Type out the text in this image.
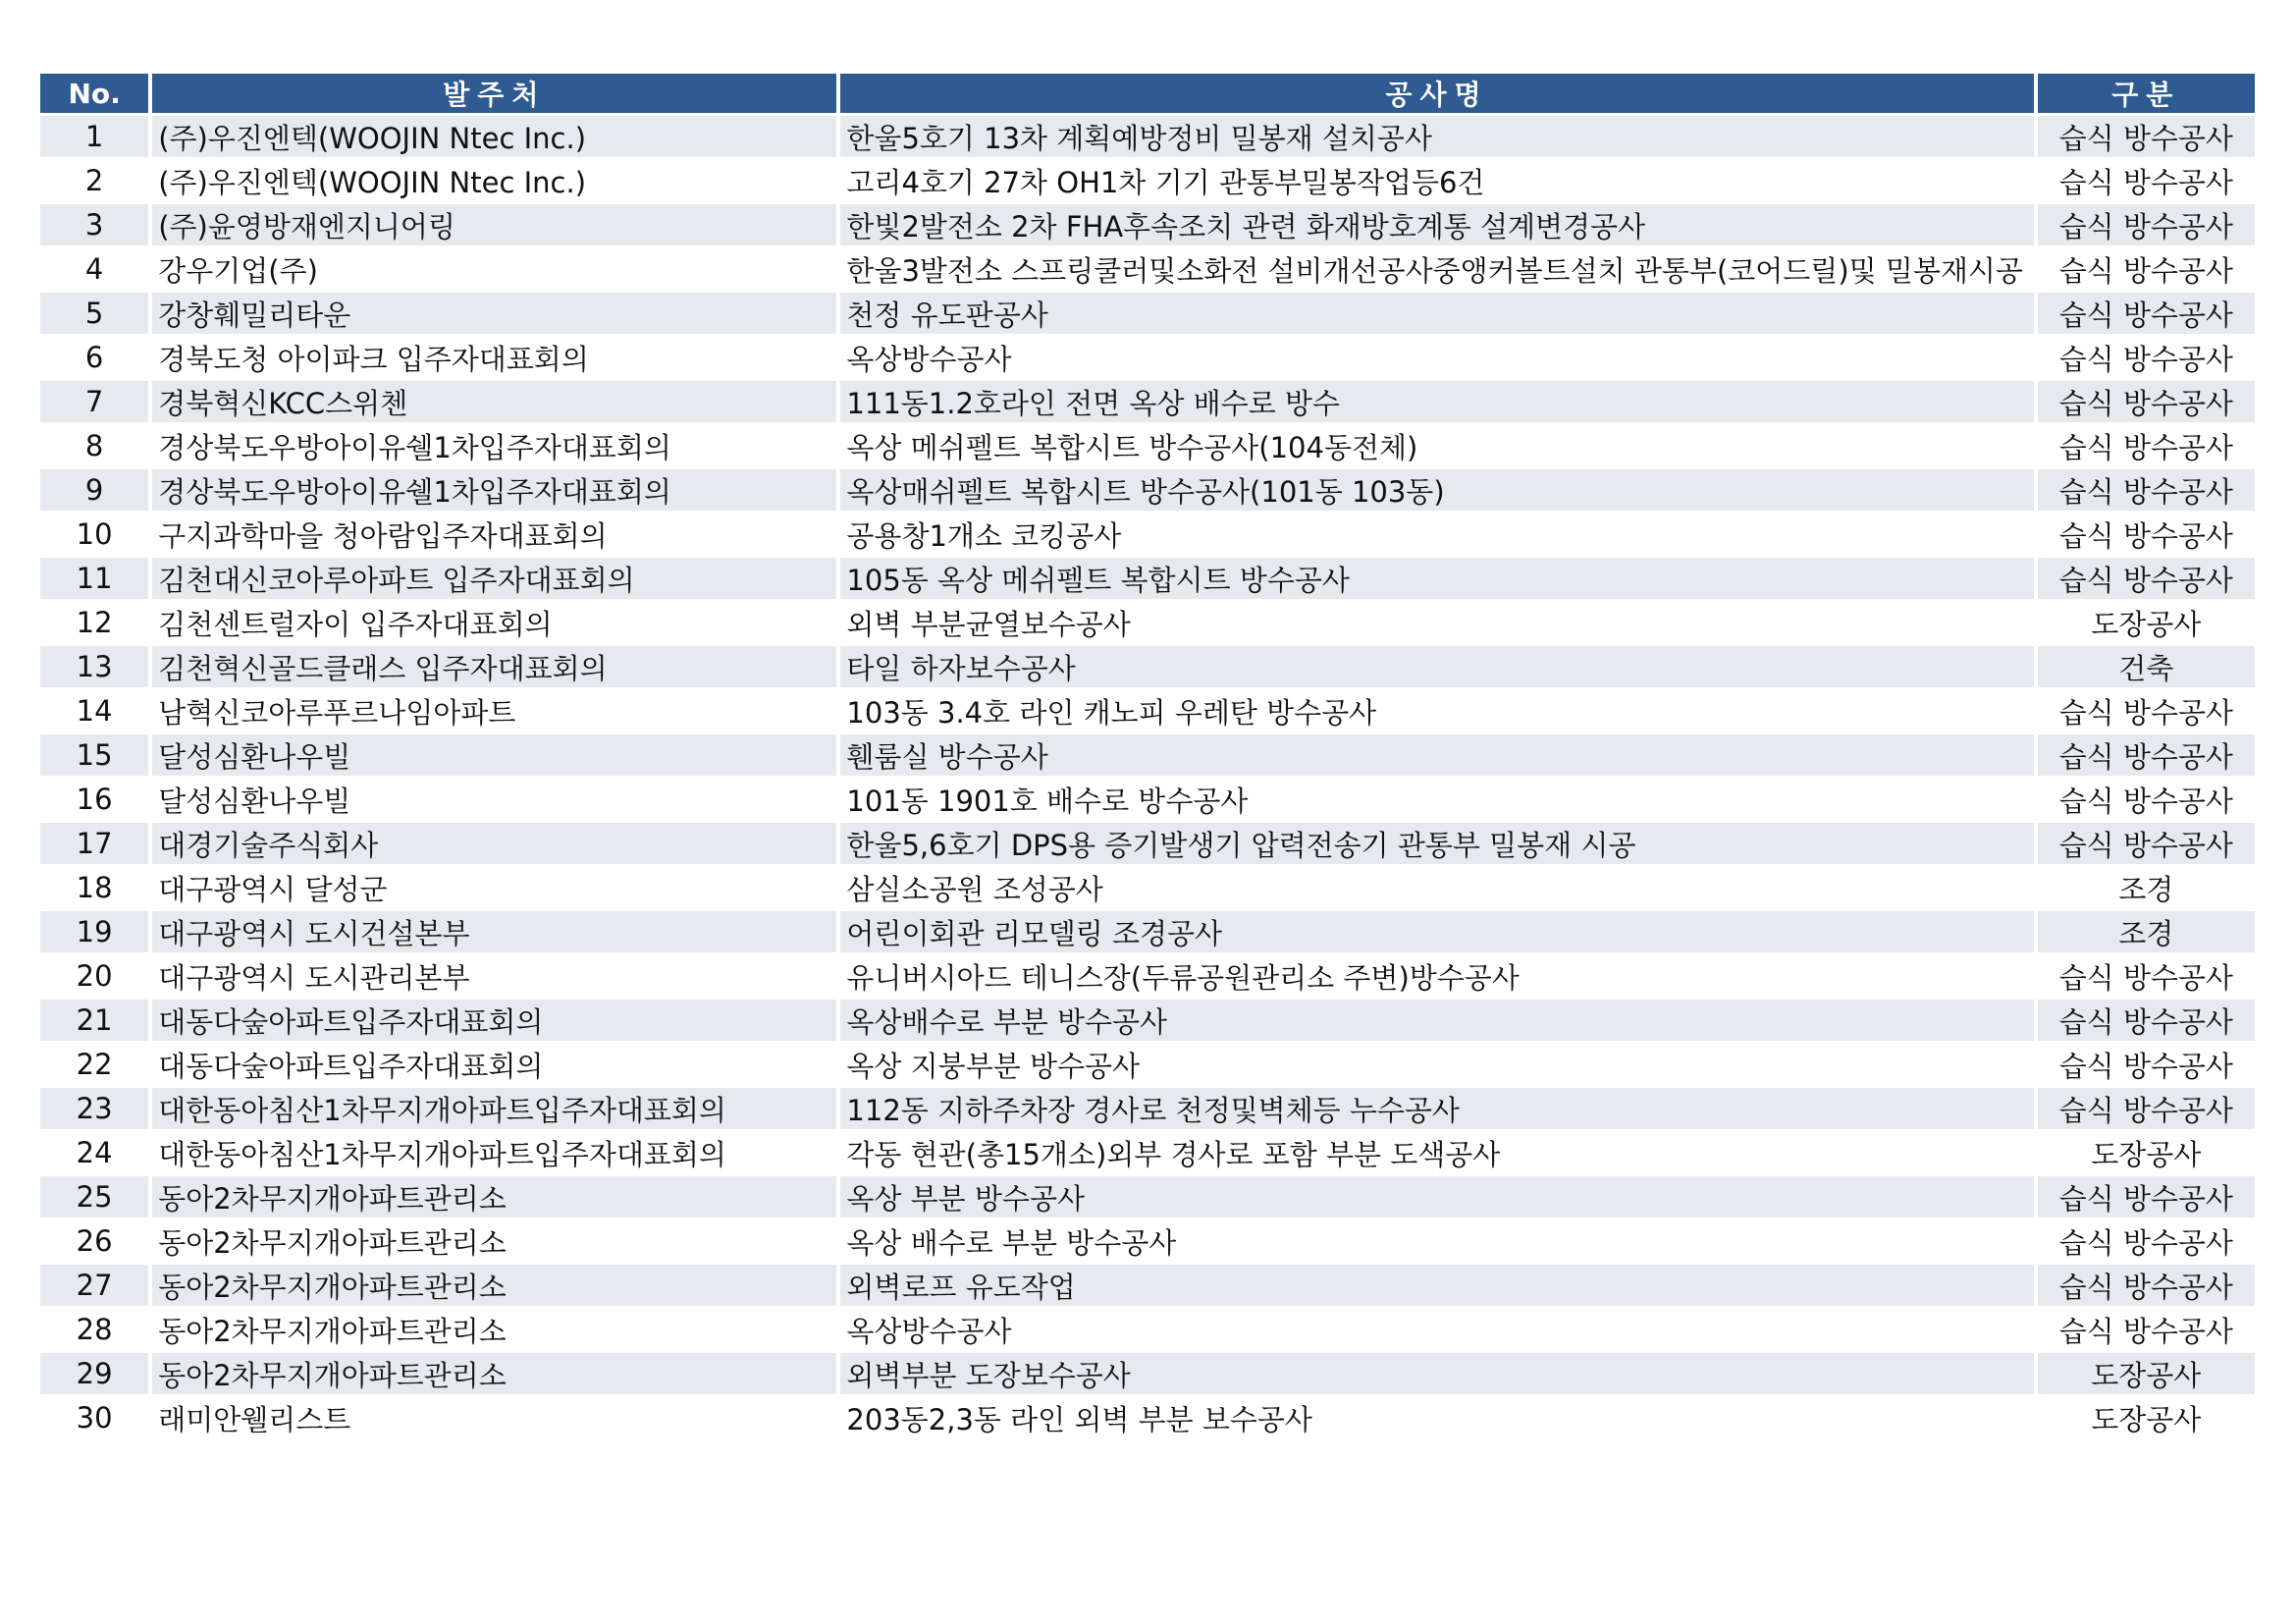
No.	발주처	공사명	구분
1	(주)우진엔텍(WOOJIN Ntec Inc.)	한울5호기 13차 계획예방정비 밀봉재 설치공사	습식 방수공사
2	(주)우진엔텍(WOOJIN Ntec Inc.)	고리4호기 27차 OH1차 기기 관통부밀봉작업등6건	습식 방수공사
3	(주)윤영방재엔지니어링	한빛2발전소 2차 FHA후속조치 관련 화재방호계통 설계변경공사	습식 방수공사
4	강우기업(주)	한울3발전소 스프링쿨러및소화전 설비개선공사중앵커볼트설치 관통부(코어드릴)및 밀봉재시공	습식 방수공사
5	강창훼밀리타운	천정 유도판공사	습식 방수공사
6	경북도청 아이파크 입주자대표회의	옥상방수공사	습식 방수공사
7	경북혁신KCC스위첸	111동1.2호라인 전면 옥상 배수로 방수	습식 방수공사
8	경상북도우방아이유쉘1차입주자대표회의	옥상 메쉬펠트 복합시트 방수공사(104동전체)	습식 방수공사
9	경상북도우방아이유쉘1차입주자대표회의	옥상매쉬펠트 복합시트 방수공사(101동 103동)	습식 방수공사
10	구지과학마을 청아람입주자대표회의	공용창1개소 코킹공사	습식 방수공사
11	김천대신코아루아파트 입주자대표회의	105동 옥상 메쉬펠트 복합시트 방수공사	습식 방수공사
12	김천센트럴자이 입주자대표회의	외벽 부분균열보수공사	도장공사
13	김천혁신골드클래스 입주자대표회의	타일 하자보수공사	건축
14	남혁신코아루푸르나임아파트	103동 3.4호 라인 캐노피 우레탄 방수공사	습식 방수공사
15	달성심환나우빌	휀룸실 방수공사	습식 방수공사
16	달성심환나우빌	101동 1901호 배수로 방수공사	습식 방수공사
17	대경기술주식회사	한울5,6호기 DPS용 증기발생기 압력전송기 관통부 밀봉재 시공	습식 방수공사
18	대구광역시 달성군	삼실소공원 조성공사	조경
19	대구광역시 도시건설본부	어린이회관 리모델링 조경공사	조경
20	대구광역시 도시관리본부	유니버시아드 테니스장(두류공원관리소 주변)방수공사	습식 방수공사
21	대동다숲아파트입주자대표회의	옥상배수로 부분 방수공사	습식 방수공사
22	대동다숲아파트입주자대표회의	옥상 지붕부분 방수공사	습식 방수공사
23	대한동아침산1차무지개아파트입주자대표회의	112동 지하주차장 경사로 천정및벽체등 누수공사	습식 방수공사
24	대한동아침산1차무지개아파트입주자대표회의	각동 현관(총15개소)외부 경사로 포함 부분 도색공사	도장공사
25	동아2차무지개아파트관리소	옥상 부분 방수공사	습식 방수공사
26	동아2차무지개아파트관리소	옥상 배수로 부분 방수공사	습식 방수공사
27	동아2차무지개아파트관리소	외벽로프 유도작업	습식 방수공사
28	동아2차무지개아파트관리소	옥상방수공사	습식 방수공사
29	동아2차무지개아파트관리소	외벽부분 도장보수공사	도장공사
30	래미안웰리스트	203동2,3동 라인 외벽 부분 보수공사	도장공사
